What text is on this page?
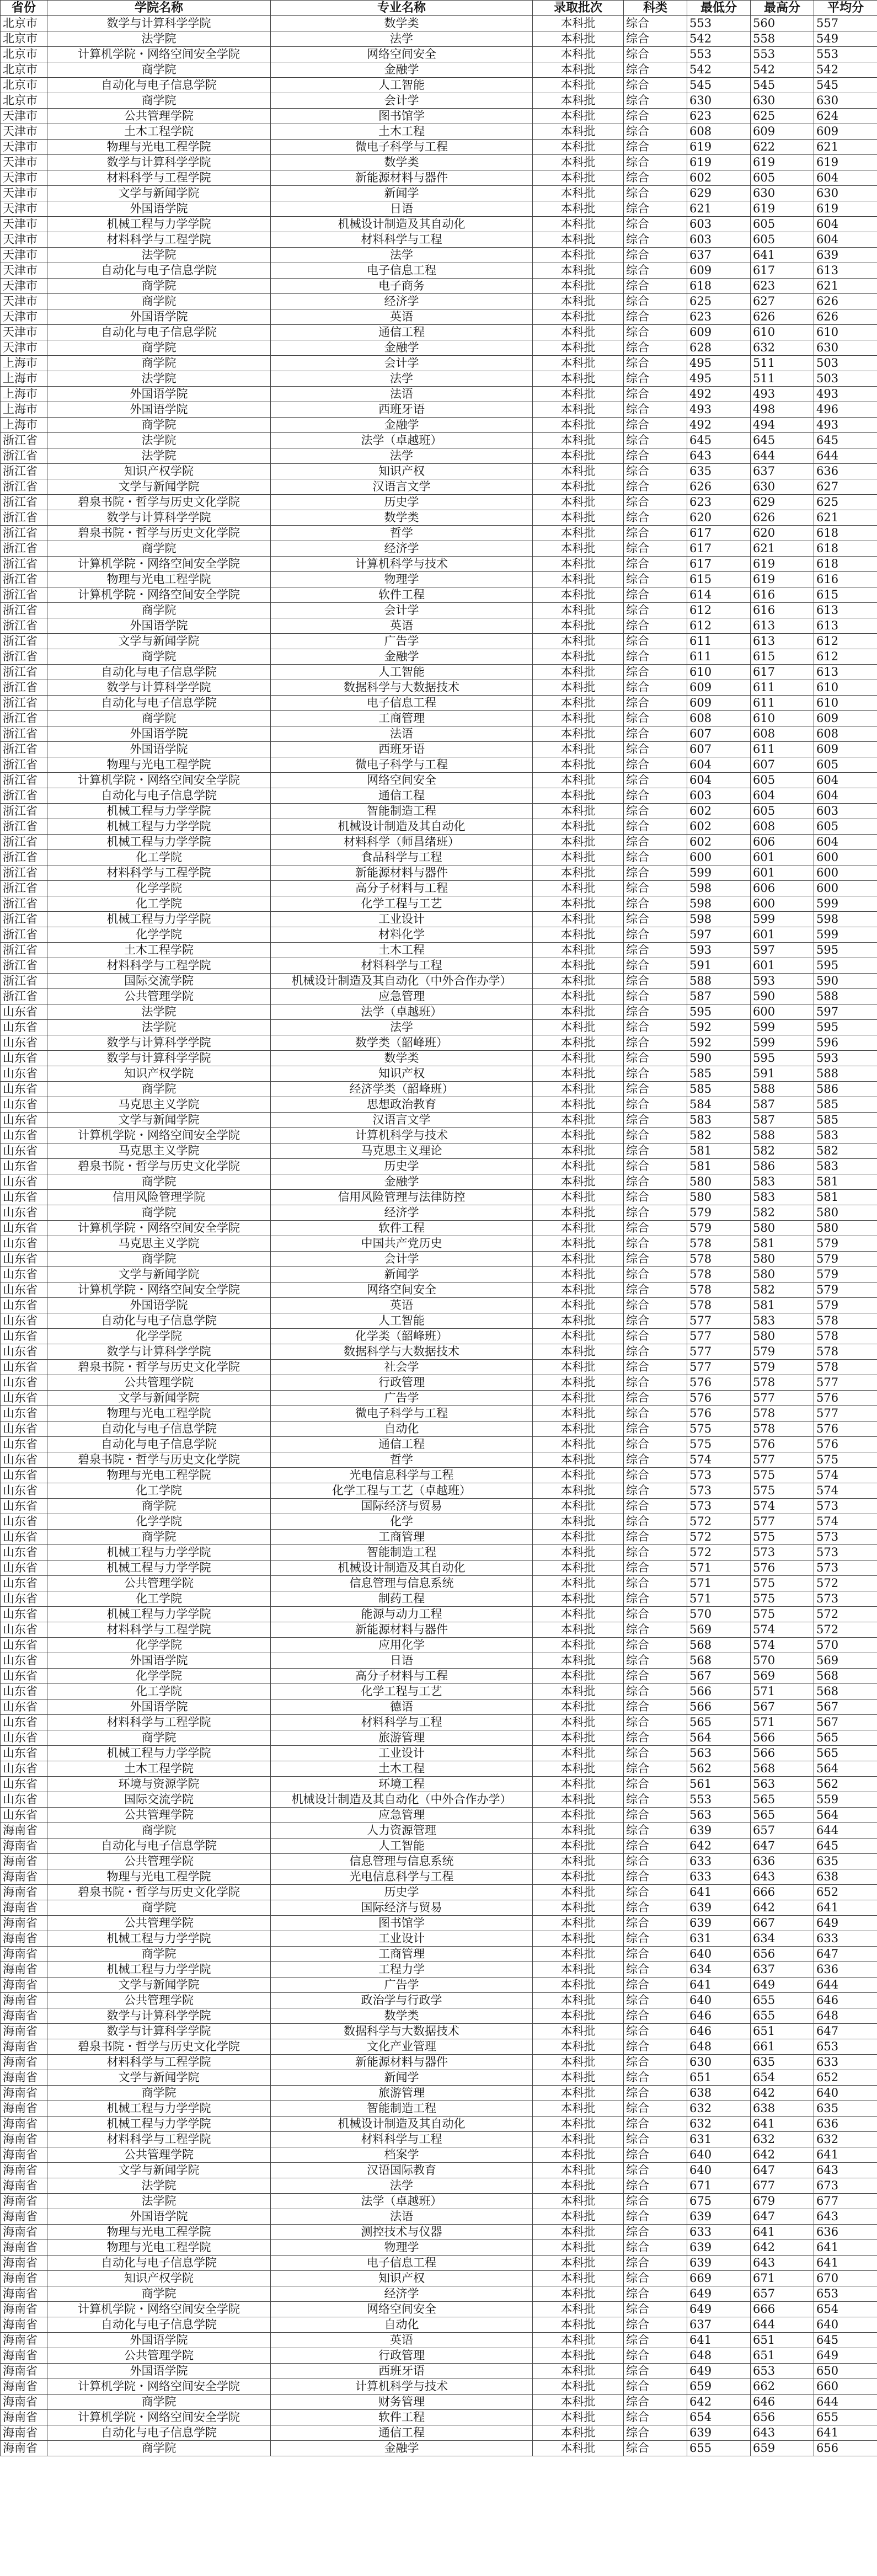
省份	学院名称	专业名称	录取批次	科类	最低分	最高分	平均分
北京市	数学与计算科学学院	数学类	本科批	综合	553	560	557
北京市	法学院	法学	本科批	综合	542	558	549
北京市	计算机学院・网络空间安全学院	网络空间安全	本科批	综合	553	553	553
北京市	商学院	金融学	本科批	综合	542	542	542
北京市	自动化与电子信息学院	人工智能	本科批	综合	545	545	545
北京市	商学院	会计学	本科批	综合	630	630	630
天津市	公共管理学院	图书馆学	本科批	综合	623	625	624
天津市	土木工程学院	土木工程	本科批	综合	608	609	609
天津市	物理与光电工程学院	微电子科学与工程	本科批	综合	619	622	621
天津市	数学与计算科学学院	数学类	本科批	综合	619	619	619
天津市	材料科学与工程学院	新能源材料与器件	本科批	综合	602	605	604
天津市	文学与新闻学院	新闻学	本科批	综合	629	630	630
天津市	外国语学院	日语	本科批	综合	621	619	619
天津市	机械工程与力学学院	机械设计制造及其自动化	本科批	综合	603	605	604
天津市	材料科学与工程学院	材料科学与工程	本科批	综合	603	605	604
天津市	法学院	法学	本科批	综合	637	641	639
天津市	自动化与电子信息学院	电子信息工程	本科批	综合	609	617	613
天津市	商学院	电子商务	本科批	综合	618	623	621
天津市	商学院	经济学	本科批	综合	625	627	626
天津市	外国语学院	英语	本科批	综合	623	626	626
天津市	自动化与电子信息学院	通信工程	本科批	综合	609	610	610
天津市	商学院	金融学	本科批	综合	628	632	630
上海市	商学院	会计学	本科批	综合	495	511	503
上海市	法学院	法学	本科批	综合	495	511	503
上海市	外国语学院	法语	本科批	综合	492	493	493
上海市	外国语学院	西班牙语	本科批	综合	493	498	496
上海市	商学院	金融学	本科批	综合	492	494	493
浙江省	法学院	法学（卓越班）	本科批	综合	645	645	645
浙江省	法学院	法学	本科批	综合	643	644	644
浙江省	知识产权学院	知识产权	本科批	综合	635	637	636
浙江省	文学与新闻学院	汉语言文学	本科批	综合	626	630	627
浙江省	碧泉书院・哲学与历史文化学院	历史学	本科批	综合	623	629	625
浙江省	数学与计算科学学院	数学类	本科批	综合	620	626	621
浙江省	碧泉书院・哲学与历史文化学院	哲学	本科批	综合	617	620	618
浙江省	商学院	经济学	本科批	综合	617	621	618
浙江省	计算机学院・网络空间安全学院	计算机科学与技术	本科批	综合	617	619	618
浙江省	物理与光电工程学院	物理学	本科批	综合	615	619	616
浙江省	计算机学院・网络空间安全学院	软件工程	本科批	综合	614	616	615
浙江省	商学院	会计学	本科批	综合	612	616	613
浙江省	外国语学院	英语	本科批	综合	612	613	613
浙江省	文学与新闻学院	广告学	本科批	综合	611	613	612
浙江省	商学院	金融学	本科批	综合	611	615	612
浙江省	自动化与电子信息学院	人工智能	本科批	综合	610	617	613
浙江省	数学与计算科学学院	数据科学与大数据技术	本科批	综合	609	611	610
浙江省	自动化与电子信息学院	电子信息工程	本科批	综合	609	611	610
浙江省	商学院	工商管理	本科批	综合	608	610	609
浙江省	外国语学院	法语	本科批	综合	607	608	608
浙江省	外国语学院	西班牙语	本科批	综合	607	611	609
浙江省	物理与光电工程学院	微电子科学与工程	本科批	综合	604	607	605
浙江省	计算机学院・网络空间安全学院	网络空间安全	本科批	综合	604	605	604
浙江省	自动化与电子信息学院	通信工程	本科批	综合	603	604	604
浙江省	机械工程与力学学院	智能制造工程	本科批	综合	602	605	603
浙江省	机械工程与力学学院	机械设计制造及其自动化	本科批	综合	602	608	605
浙江省	机械工程与力学学院	材料科学（师昌绪班）	本科批	综合	602	606	604
浙江省	化工学院	食品科学与工程	本科批	综合	600	601	600
浙江省	材料科学与工程学院	新能源材料与器件	本科批	综合	599	601	600
浙江省	化学学院	高分子材料与工程	本科批	综合	598	606	600
浙江省	化工学院	化学工程与工艺	本科批	综合	598	600	599
浙江省	机械工程与力学学院	工业设计	本科批	综合	598	599	598
浙江省	化学学院	材料化学	本科批	综合	597	601	599
浙江省	土木工程学院	土木工程	本科批	综合	593	597	595
浙江省	材料科学与工程学院	材料科学与工程	本科批	综合	591	601	595
浙江省	国际交流学院	机械设计制造及其自动化（中外合作办学）	本科批	综合	588	593	590
浙江省	公共管理学院	应急管理	本科批	综合	587	590	588
山东省	法学院	法学（卓越班）	本科批	综合	595	600	597
山东省	法学院	法学	本科批	综合	592	599	595
山东省	数学与计算科学学院	数学类（韶峰班）	本科批	综合	592	599	596
山东省	数学与计算科学学院	数学类	本科批	综合	590	595	593
山东省	知识产权学院	知识产权	本科批	综合	585	591	588
山东省	商学院	经济学类（韶峰班）	本科批	综合	585	588	586
山东省	马克思主义学院	思想政治教育	本科批	综合	584	587	585
山东省	文学与新闻学院	汉语言文学	本科批	综合	583	587	585
山东省	计算机学院・网络空间安全学院	计算机科学与技术	本科批	综合	582	588	583
山东省	马克思主义学院	马克思主义理论	本科批	综合	581	582	582
山东省	碧泉书院・哲学与历史文化学院	历史学	本科批	综合	581	586	583
山东省	商学院	金融学	本科批	综合	580	583	581
山东省	信用风险管理学院	信用风险管理与法律防控	本科批	综合	580	583	581
山东省	商学院	经济学	本科批	综合	579	582	580
山东省	计算机学院・网络空间安全学院	软件工程	本科批	综合	579	580	580
山东省	马克思主义学院	中国共产党历史	本科批	综合	578	581	579
山东省	商学院	会计学	本科批	综合	578	580	579
山东省	文学与新闻学院	新闻学	本科批	综合	578	580	579
山东省	计算机学院・网络空间安全学院	网络空间安全	本科批	综合	578	582	579
山东省	外国语学院	英语	本科批	综合	578	581	579
山东省	自动化与电子信息学院	人工智能	本科批	综合	577	583	578
山东省	化学学院	化学类（韶峰班）	本科批	综合	577	580	578
山东省	数学与计算科学学院	数据科学与大数据技术	本科批	综合	577	579	578
山东省	碧泉书院・哲学与历史文化学院	社会学	本科批	综合	577	579	578
山东省	公共管理学院	行政管理	本科批	综合	576	578	577
山东省	文学与新闻学院	广告学	本科批	综合	576	577	576
山东省	物理与光电工程学院	微电子科学与工程	本科批	综合	576	578	577
山东省	自动化与电子信息学院	自动化	本科批	综合	575	578	576
山东省	自动化与电子信息学院	通信工程	本科批	综合	575	576	576
山东省	碧泉书院・哲学与历史文化学院	哲学	本科批	综合	574	577	575
山东省	物理与光电工程学院	光电信息科学与工程	本科批	综合	573	575	574
山东省	化工学院	化学工程与工艺（卓越班）	本科批	综合	573	575	574
山东省	商学院	国际经济与贸易	本科批	综合	573	574	573
山东省	化学学院	化学	本科批	综合	572	577	574
山东省	商学院	工商管理	本科批	综合	572	575	573
山东省	机械工程与力学学院	智能制造工程	本科批	综合	572	573	573
山东省	机械工程与力学学院	机械设计制造及其自动化	本科批	综合	571	576	573
山东省	公共管理学院	信息管理与信息系统	本科批	综合	571	575	572
山东省	化工学院	制药工程	本科批	综合	571	575	573
山东省	机械工程与力学学院	能源与动力工程	本科批	综合	570	575	572
山东省	材料科学与工程学院	新能源材料与器件	本科批	综合	569	574	572
山东省	化学学院	应用化学	本科批	综合	568	574	570
山东省	外国语学院	日语	本科批	综合	568	570	569
山东省	化学学院	高分子材料与工程	本科批	综合	567	569	568
山东省	化工学院	化学工程与工艺	本科批	综合	566	571	568
山东省	外国语学院	德语	本科批	综合	566	567	567
山东省	材料科学与工程学院	材料科学与工程	本科批	综合	565	571	567
山东省	商学院	旅游管理	本科批	综合	564	566	565
山东省	机械工程与力学学院	工业设计	本科批	综合	563	566	565
山东省	土木工程学院	土木工程	本科批	综合	562	568	564
山东省	环境与资源学院	环境工程	本科批	综合	561	563	562
山东省	国际交流学院	机械设计制造及其自动化（中外合作办学）	本科批	综合	553	565	559
山东省	公共管理学院	应急管理	本科批	综合	563	565	564
海南省	商学院	人力资源管理	本科批	综合	639	657	644
海南省	自动化与电子信息学院	人工智能	本科批	综合	642	647	645
海南省	公共管理学院	信息管理与信息系统	本科批	综合	633	636	635
海南省	物理与光电工程学院	光电信息科学与工程	本科批	综合	633	643	638
海南省	碧泉书院・哲学与历史文化学院	历史学	本科批	综合	641	666	652
海南省	商学院	国际经济与贸易	本科批	综合	639	642	641
海南省	公共管理学院	图书馆学	本科批	综合	639	667	649
海南省	机械工程与力学学院	工业设计	本科批	综合	631	634	633
海南省	商学院	工商管理	本科批	综合	640	656	647
海南省	机械工程与力学学院	工程力学	本科批	综合	634	637	636
海南省	文学与新闻学院	广告学	本科批	综合	641	649	644
海南省	公共管理学院	政治学与行政学	本科批	综合	640	655	646
海南省	数学与计算科学学院	数学类	本科批	综合	646	655	648
海南省	数学与计算科学学院	数据科学与大数据技术	本科批	综合	646	651	647
海南省	碧泉书院・哲学与历史文化学院	文化产业管理	本科批	综合	648	661	653
海南省	材料科学与工程学院	新能源材料与器件	本科批	综合	630	635	633
海南省	文学与新闻学院	新闻学	本科批	综合	651	654	652
海南省	商学院	旅游管理	本科批	综合	638	642	640
海南省	机械工程与力学学院	智能制造工程	本科批	综合	632	638	635
海南省	机械工程与力学学院	机械设计制造及其自动化	本科批	综合	632	641	636
海南省	材料科学与工程学院	材料科学与工程	本科批	综合	631	632	632
海南省	公共管理学院	档案学	本科批	综合	640	642	641
海南省	文学与新闻学院	汉语国际教育	本科批	综合	640	647	643
海南省	法学院	法学	本科批	综合	671	677	673
海南省	法学院	法学（卓越班）	本科批	综合	675	679	677
海南省	外国语学院	法语	本科批	综合	639	647	643
海南省	物理与光电工程学院	测控技术与仪器	本科批	综合	633	641	636
海南省	物理与光电工程学院	物理学	本科批	综合	639	642	641
海南省	自动化与电子信息学院	电子信息工程	本科批	综合	639	643	641
海南省	知识产权学院	知识产权	本科批	综合	669	671	670
海南省	商学院	经济学	本科批	综合	649	657	653
海南省	计算机学院・网络空间安全学院	网络空间安全	本科批	综合	649	666	654
海南省	自动化与电子信息学院	自动化	本科批	综合	637	644	640
海南省	外国语学院	英语	本科批	综合	641	651	645
海南省	公共管理学院	行政管理	本科批	综合	648	651	649
海南省	外国语学院	西班牙语	本科批	综合	649	653	650
海南省	计算机学院・网络空间安全学院	计算机科学与技术	本科批	综合	659	662	660
海南省	商学院	财务管理	本科批	综合	642	646	644
海南省	计算机学院・网络空间安全学院	软件工程	本科批	综合	654	656	655
海南省	自动化与电子信息学院	通信工程	本科批	综合	639	643	641
海南省	商学院	金融学	本科批	综合	655	659	656
